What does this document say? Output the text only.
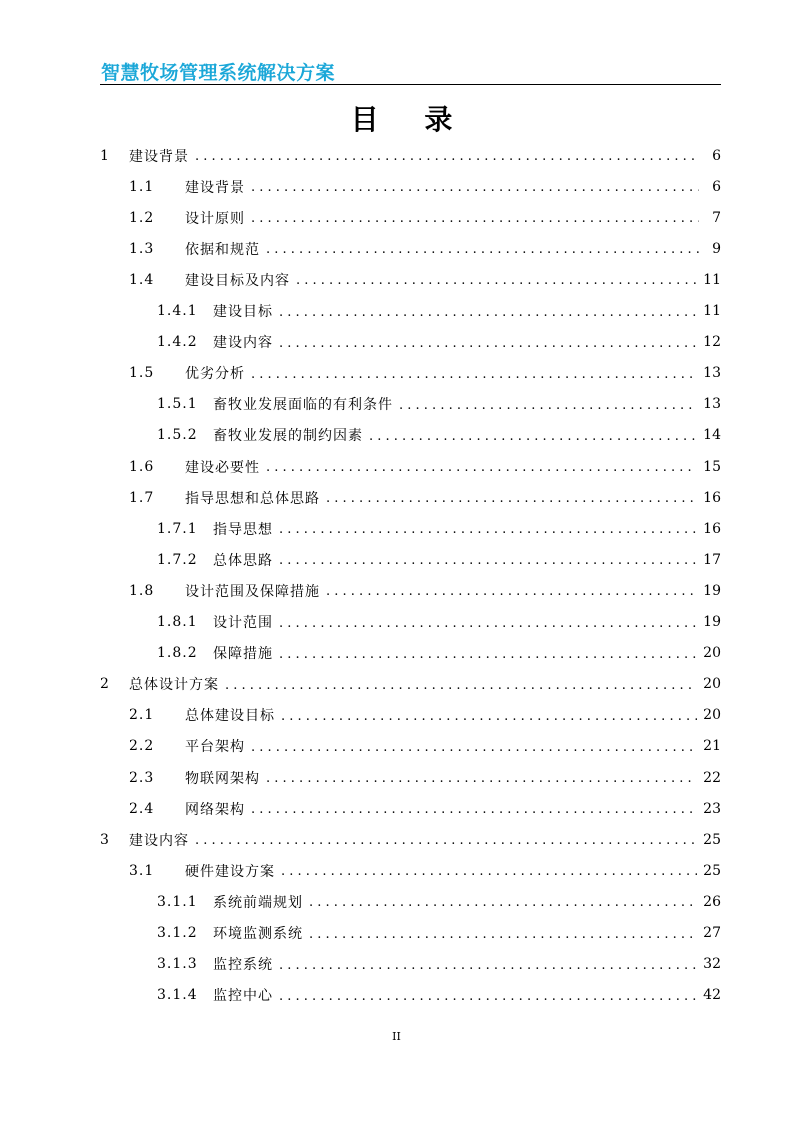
智慧牧场管理系统解决方案
目 录
1	建设背景 . . .	6
1.1	建设背景 . . .	6
1.2	设计原则 . . .	7
1.3	依据和规范 . . .	9
1.4	建设目标及内容 . . .	11
1.4.1	建设目标 . . .	11
1.4.2	建设内容 . . .	12
1.5	优劣分析 . . .	13
1.5.1	畜牧业发展面临的有利条件 . . .	13
1.5.2	畜牧业发展的制约因素 . . .	14
1.6	建设必要性 . . .	15
1.7	指导思想和总体思路 . . .	16
1.7.1	指导思想 . . .	16
1.7.2	总体思路 . . .	17
1.8	设计范围及保障措施 . . .	19
1.8.1	设计范围 . . .	19
1.8.2	保障措施 . . .	20
2	总体设计方案 . . .	20
2.1	总体建设目标 . . .	20
2.2	平台架构 . . .	21
2.3	物联网架构 . . .	22
2.4	网络架构 . . .	23
3	建设内容 . . .	25
3.1	硬件建设方案 . . .	25
3.1.1	系统前端规划 . . .	26
3.1.2	环境监测系统 . . .	27
3.1.3	监控系统 . . .	32
3.1.4	监控中心 . . .	42
II
